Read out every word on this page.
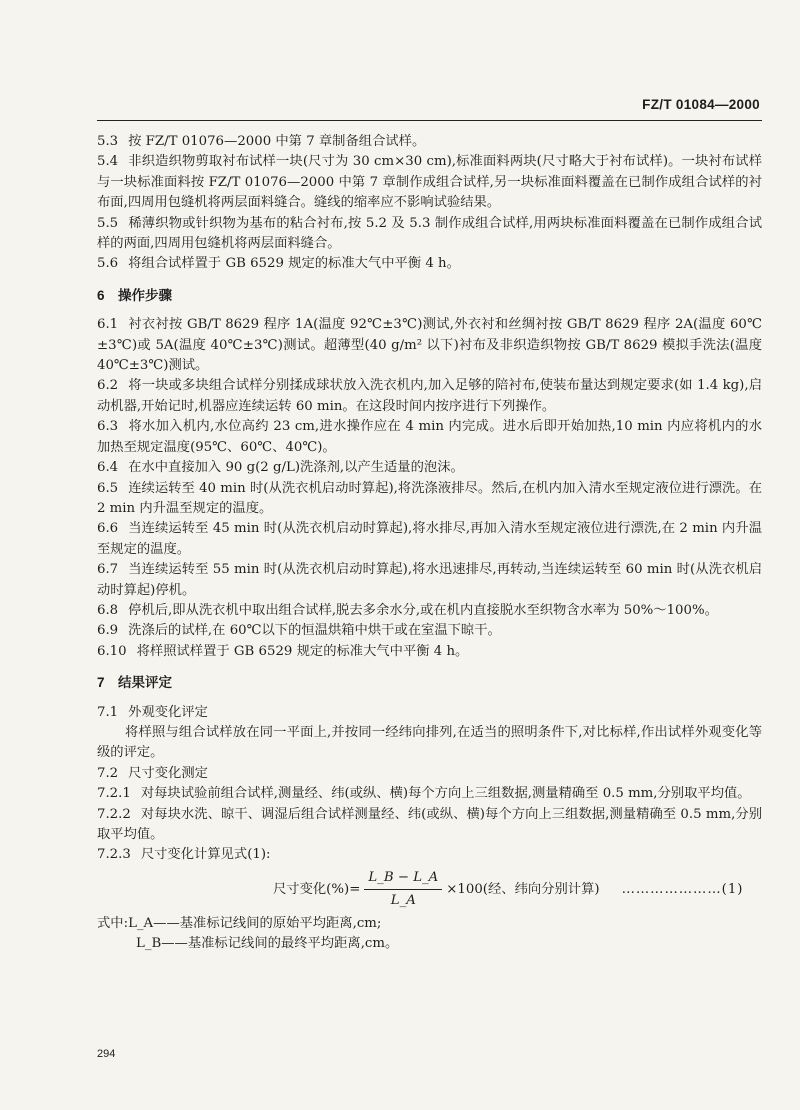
FZ/T 01084—2000

5.3 按 FZ/T 01076—2000 中第 7 章制备组合试样。

5.4 非织造织物剪取衬布试样一块(尺寸为 30 cm×30 cm),标准面料两块(尺寸略大于衬布试样)。一块衬布试样与一块标准面料按 FZ/T 01076—2000 中第 7 章制作成组合试样,另一块标准面料覆盖在已制作成组合试样的衬布面,四周用包缝机将两层面料缝合。缝线的缩率应不影响试验结果。

5.5 稀薄织物或针织物为基布的粘合衬布,按 5.2 及 5.3 制作成组合试样,用两块标准面料覆盖在已制作成组合试样的两面,四周用包缝机将两层面料缝合。

5.6 将组合试样置于 GB 6529 规定的标准大气中平衡 4 h。

6　操作步骤

6.1 衬衣衬按 GB/T 8629 程序 1A(温度 92℃±3℃)测试,外衣衬和丝绸衬按 GB/T 8629 程序 2A(温度 60℃±3℃)或 5A(温度 40℃±3℃)测试。超薄型(40 g/m² 以下)衬布及非织造织物按 GB/T 8629 模拟手洗法(温度 40℃±3℃)测试。

6.2 将一块或多块组合试样分别揉成球状放入洗衣机内,加入足够的陪衬布,使装布量达到规定要求(如 1.4 kg),启动机器,开始记时,机器应连续运转 60 min。在这段时间内按序进行下列操作。

6.3 将水加入机内,水位高约 23 cm,进水操作应在 4 min 内完成。进水后即开始加热,10 min 内应将机内的水加热至规定温度(95℃、60℃、40℃)。

6.4 在水中直接加入 90 g(2 g/L)洗涤剂,以产生适量的泡沫。

6.5 连续运转至 40 min 时(从洗衣机启动时算起),将洗涤液排尽。然后,在机内加入清水至规定液位进行漂洗。在 2 min 内升温至规定的温度。

6.6 当连续运转至 45 min 时(从洗衣机启动时算起),将水排尽,再加入清水至规定液位进行漂洗,在 2 min 内升温至规定的温度。

6.7 当连续运转至 55 min 时(从洗衣机启动时算起),将水迅速排尽,再转动,当连续运转至 60 min 时(从洗衣机启动时算起)停机。

6.8 停机后,即从洗衣机中取出组合试样,脱去多余水分,或在机内直接脱水至织物含水率为 50%～100%。

6.9 洗涤后的试样,在 60℃以下的恒温烘箱中烘干或在室温下晾干。

6.10 将样照试样置于 GB 6529 规定的标准大气中平衡 4 h。

7　结果评定

7.1 外观变化评定

将样照与组合试样放在同一平面上,并按同一经纬向排列,在适当的照明条件下,对比标样,作出试样外观变化等级的评定。

7.2 尺寸变化测定

7.2.1 对每块试验前组合试样,测量经、纬(或纵、横)每个方向上三组数据,测量精确至 0.5 mm,分别取平均值。

7.2.2 对每块水洗、晾干、调湿后组合试样测量经、纬(或纵、横)每个方向上三组数据,测量精确至 0.5 mm,分别取平均值。

7.2.3 尺寸变化计算见式(1):

尺寸变化(%)= $\frac{L\_B - L\_A}{L\_A} \times 100$(经、纬向分别计算) …………………(1)

式中:L_A——基准标记线间的原始平均距离,cm;

L_B——基准标记线间的最终平均距离,cm。

294
